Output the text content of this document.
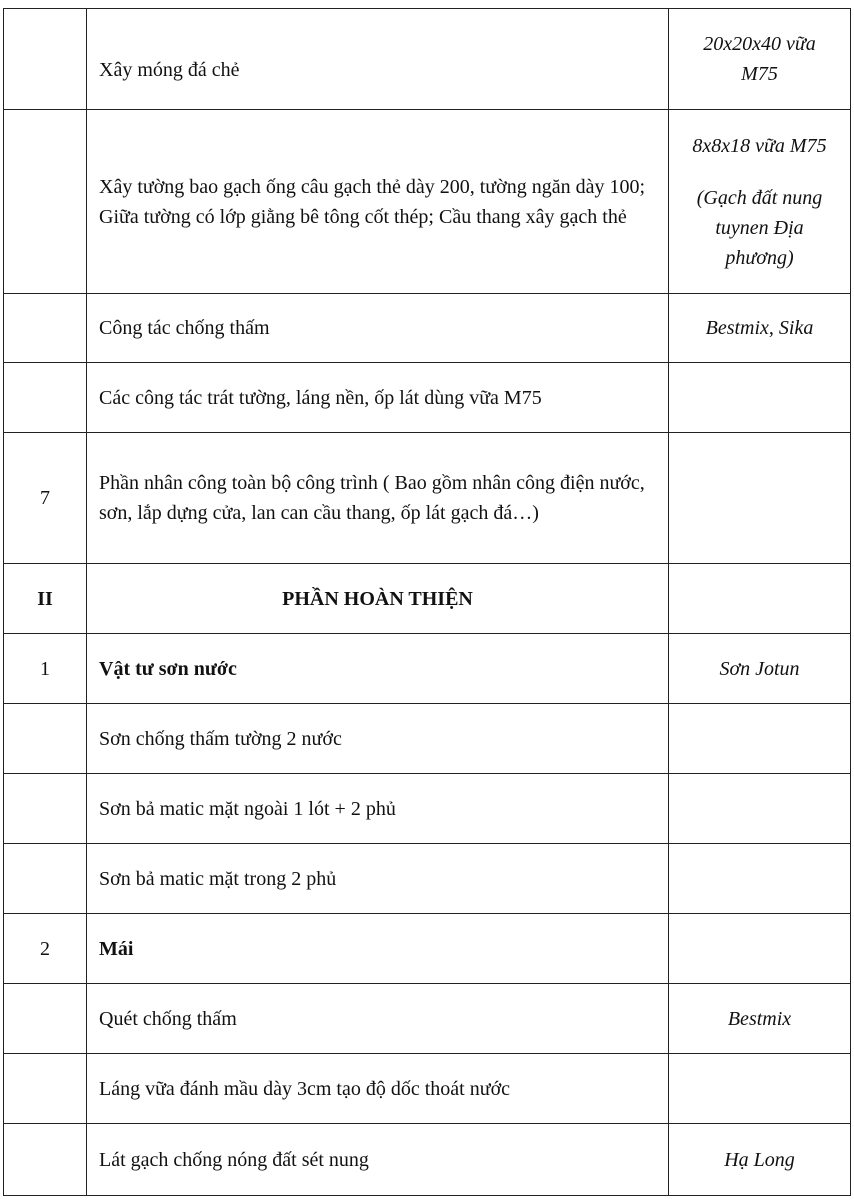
	Xây móng đá chẻ	20x20x40 vữa
M75

	Xây tường bao gạch ống câu gạch thẻ dày 200, tường ngăn dày 100; Giữa tường có lớp giằng bê tông cốt thép; Cầu thang xây gạch thẻ	8x8x18 vữa M75
(Gạch đất nung
tuynen Địa
phương)

	Công tác chống thấm	Bestmix, Sika
	Các công tác trát tường, láng nền, ốp lát dùng vữa M75	
7	Phần nhân công toàn bộ công trình ( Bao gồm nhân công điện nước, sơn, lắp dựng cửa, lan can cầu thang, ốp lát gạch đá…)	
II	PHẦN HOÀN THIỆN	
1	Vật tư sơn nước	Sơn Jotun
	Sơn chống thấm tường 2 nước	
	Sơn bả matic mặt ngoài 1 lót + 2 phủ	
	Sơn bả matic mặt trong 2 phủ	
2	Mái	
	Quét chống thấm	Bestmix
	Láng vữa đánh mầu dày 3cm tạo độ dốc thoát nước	
	Lát gạch chống nóng đất sét nung	Hạ Long
